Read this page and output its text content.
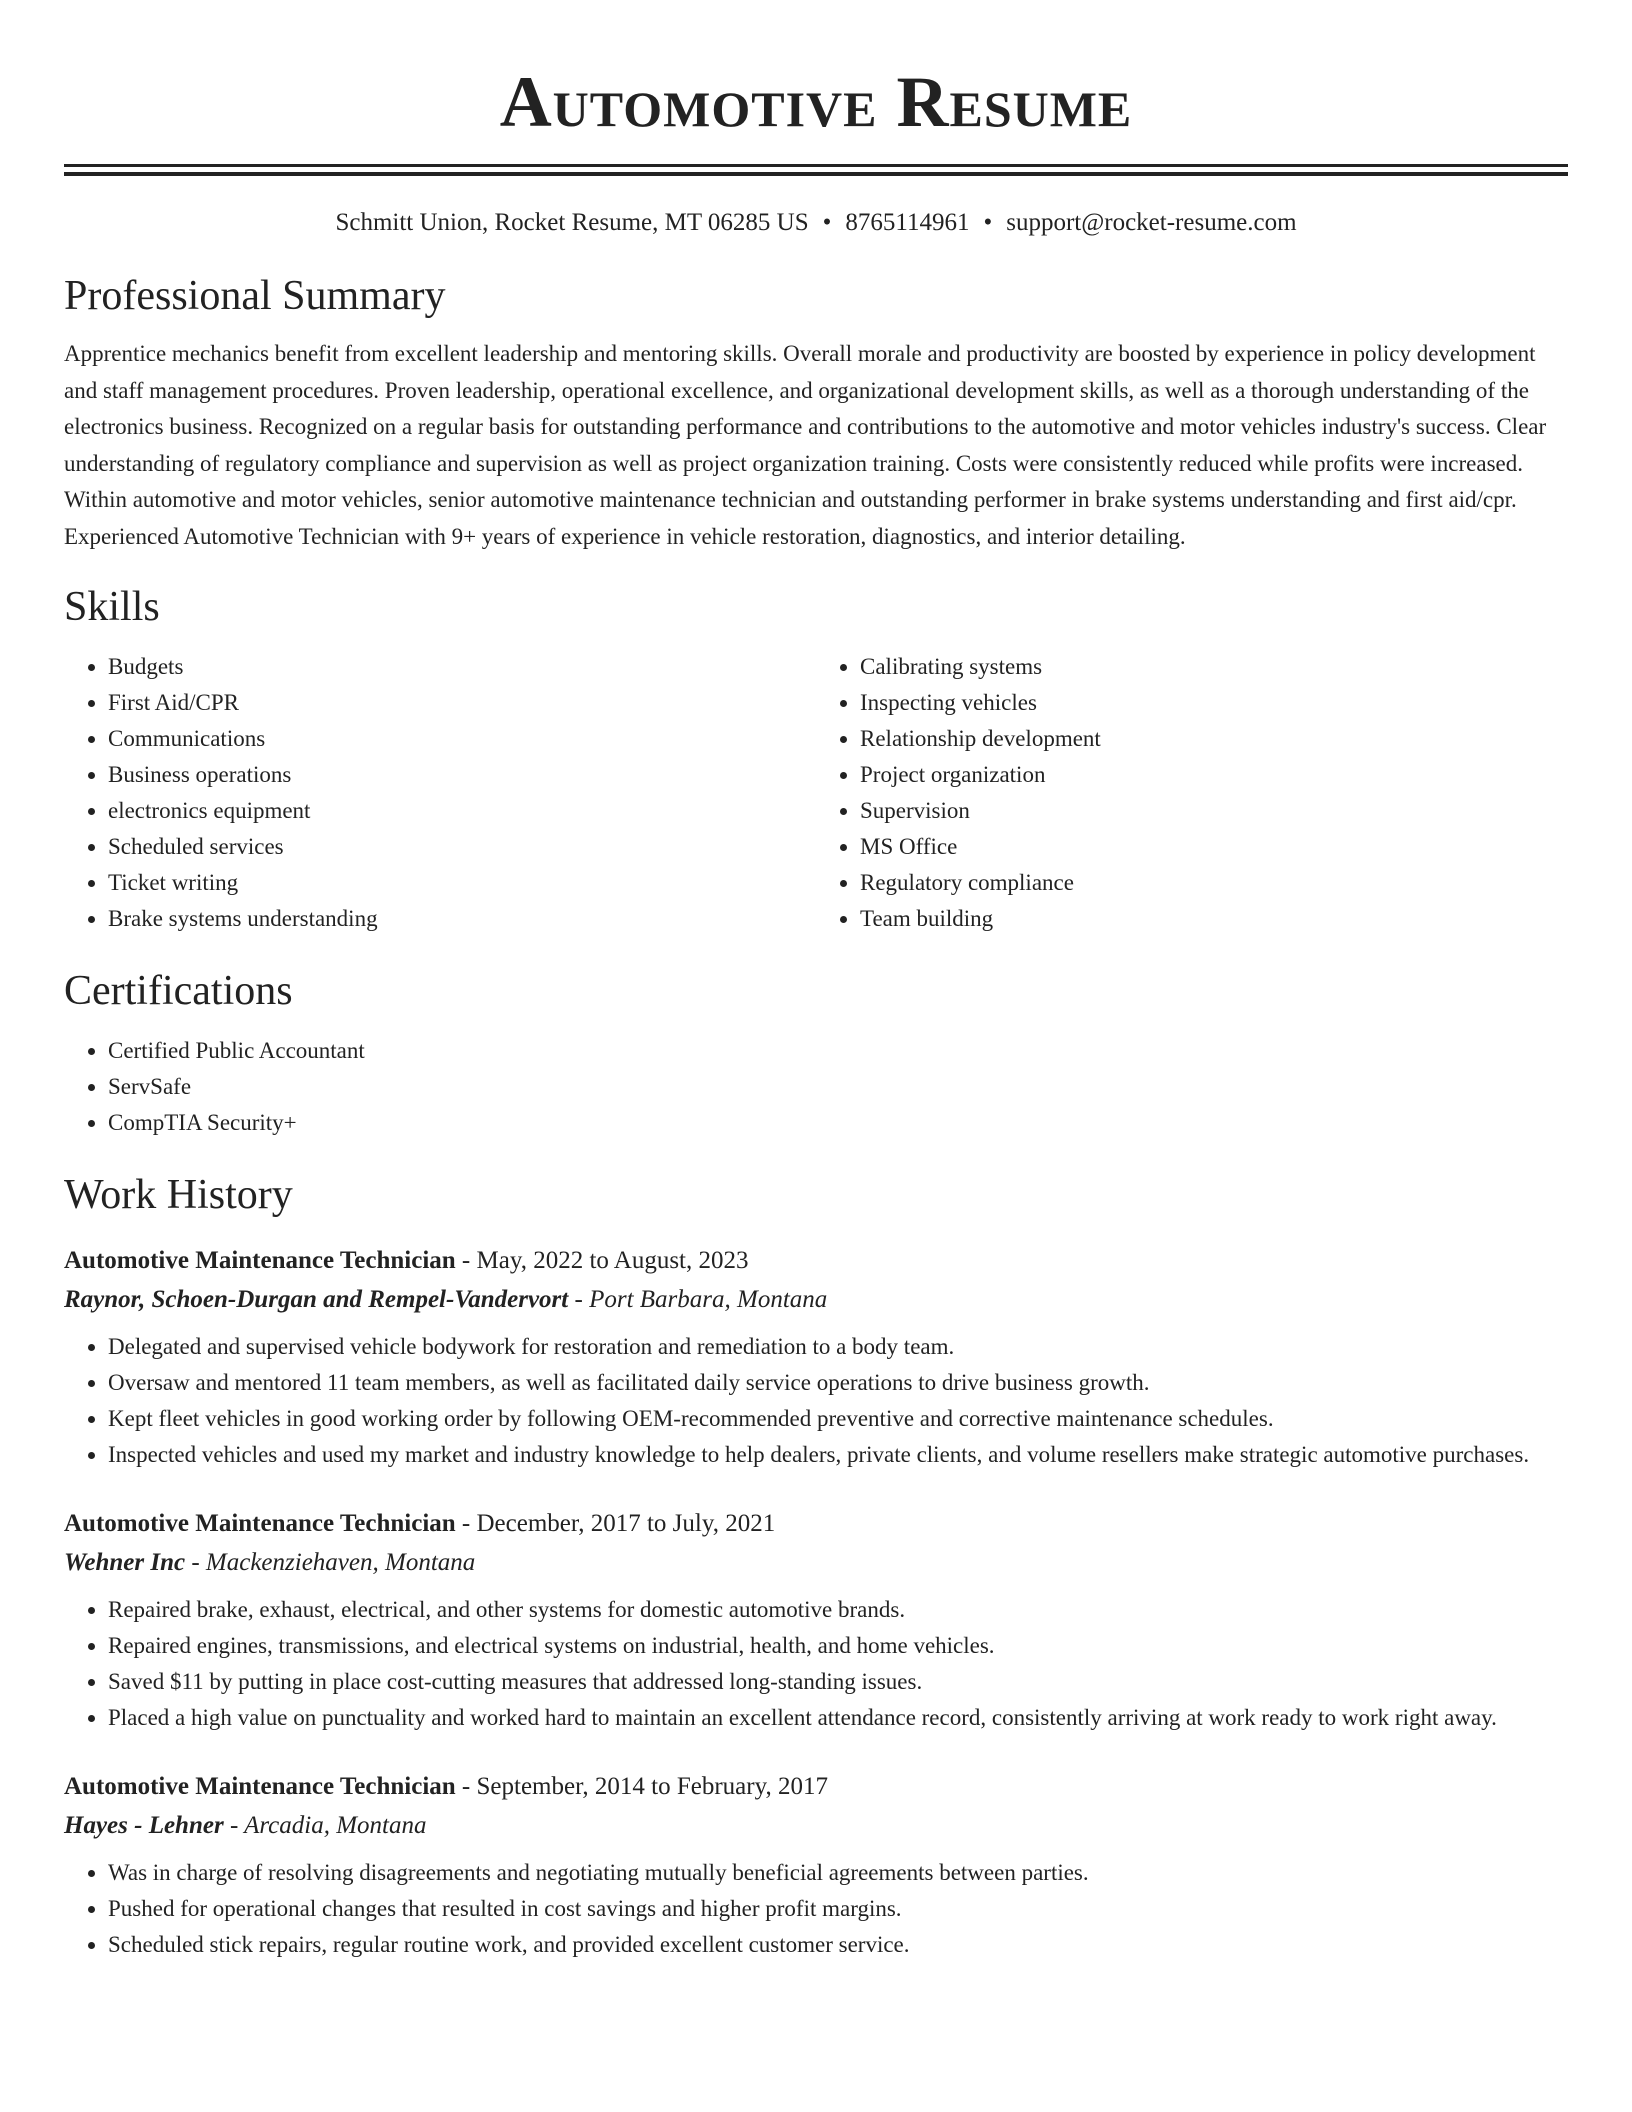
Automotive Resume
Schmitt Union, Rocket Resume, MT 06285 US • 8765114961 • support@rocket-resume.com
Professional Summary
Apprentice mechanics benefit from excellent leadership and mentoring skills. Overall morale and productivity are boosted by experience in policy development and staff management procedures. Proven leadership, operational excellence, and organizational development skills, as well as a thorough understanding of the electronics business. Recognized on a regular basis for outstanding performance and contributions to the automotive and motor vehicles industry's success. Clear understanding of regulatory compliance and supervision as well as project organization training. Costs were consistently reduced while profits were increased. Within automotive and motor vehicles, senior automotive maintenance technician and outstanding performer in brake systems understanding and first aid/cpr. Experienced Automotive Technician with 9+ years of experience in vehicle restoration, diagnostics, and interior detailing.
Skills
• Budgets
• First Aid/CPR
• Communications
• Business operations
• electronics equipment
• Scheduled services
• Ticket writing
• Brake systems understanding
• Calibrating systems
• Inspecting vehicles
• Relationship development
• Project organization
• Supervision
• MS Office
• Regulatory compliance
• Team building
Certifications
• Certified Public Accountant
• ServSafe
• CompTIA Security+
Work History
Automotive Maintenance Technician - May, 2022 to August, 2023
Raynor, Schoen-Durgan and Rempel-Vandervort - Port Barbara, Montana
• Delegated and supervised vehicle bodywork for restoration and remediation to a body team.
• Oversaw and mentored 11 team members, as well as facilitated daily service operations to drive business growth.
• Kept fleet vehicles in good working order by following OEM-recommended preventive and corrective maintenance schedules.
• Inspected vehicles and used my market and industry knowledge to help dealers, private clients, and volume resellers make strategic automotive purchases.
Automotive Maintenance Technician - December, 2017 to July, 2021
Wehner Inc - Mackenziehaven, Montana
• Repaired brake, exhaust, electrical, and other systems for domestic automotive brands.
• Repaired engines, transmissions, and electrical systems on industrial, health, and home vehicles.
• Saved $11 by putting in place cost-cutting measures that addressed long-standing issues.
• Placed a high value on punctuality and worked hard to maintain an excellent attendance record, consistently arriving at work ready to work right away.
Automotive Maintenance Technician - September, 2014 to February, 2017
Hayes - Lehner - Arcadia, Montana
• Was in charge of resolving disagreements and negotiating mutually beneficial agreements between parties.
• Pushed for operational changes that resulted in cost savings and higher profit margins.
• Scheduled stick repairs, regular routine work, and provided excellent customer service.
